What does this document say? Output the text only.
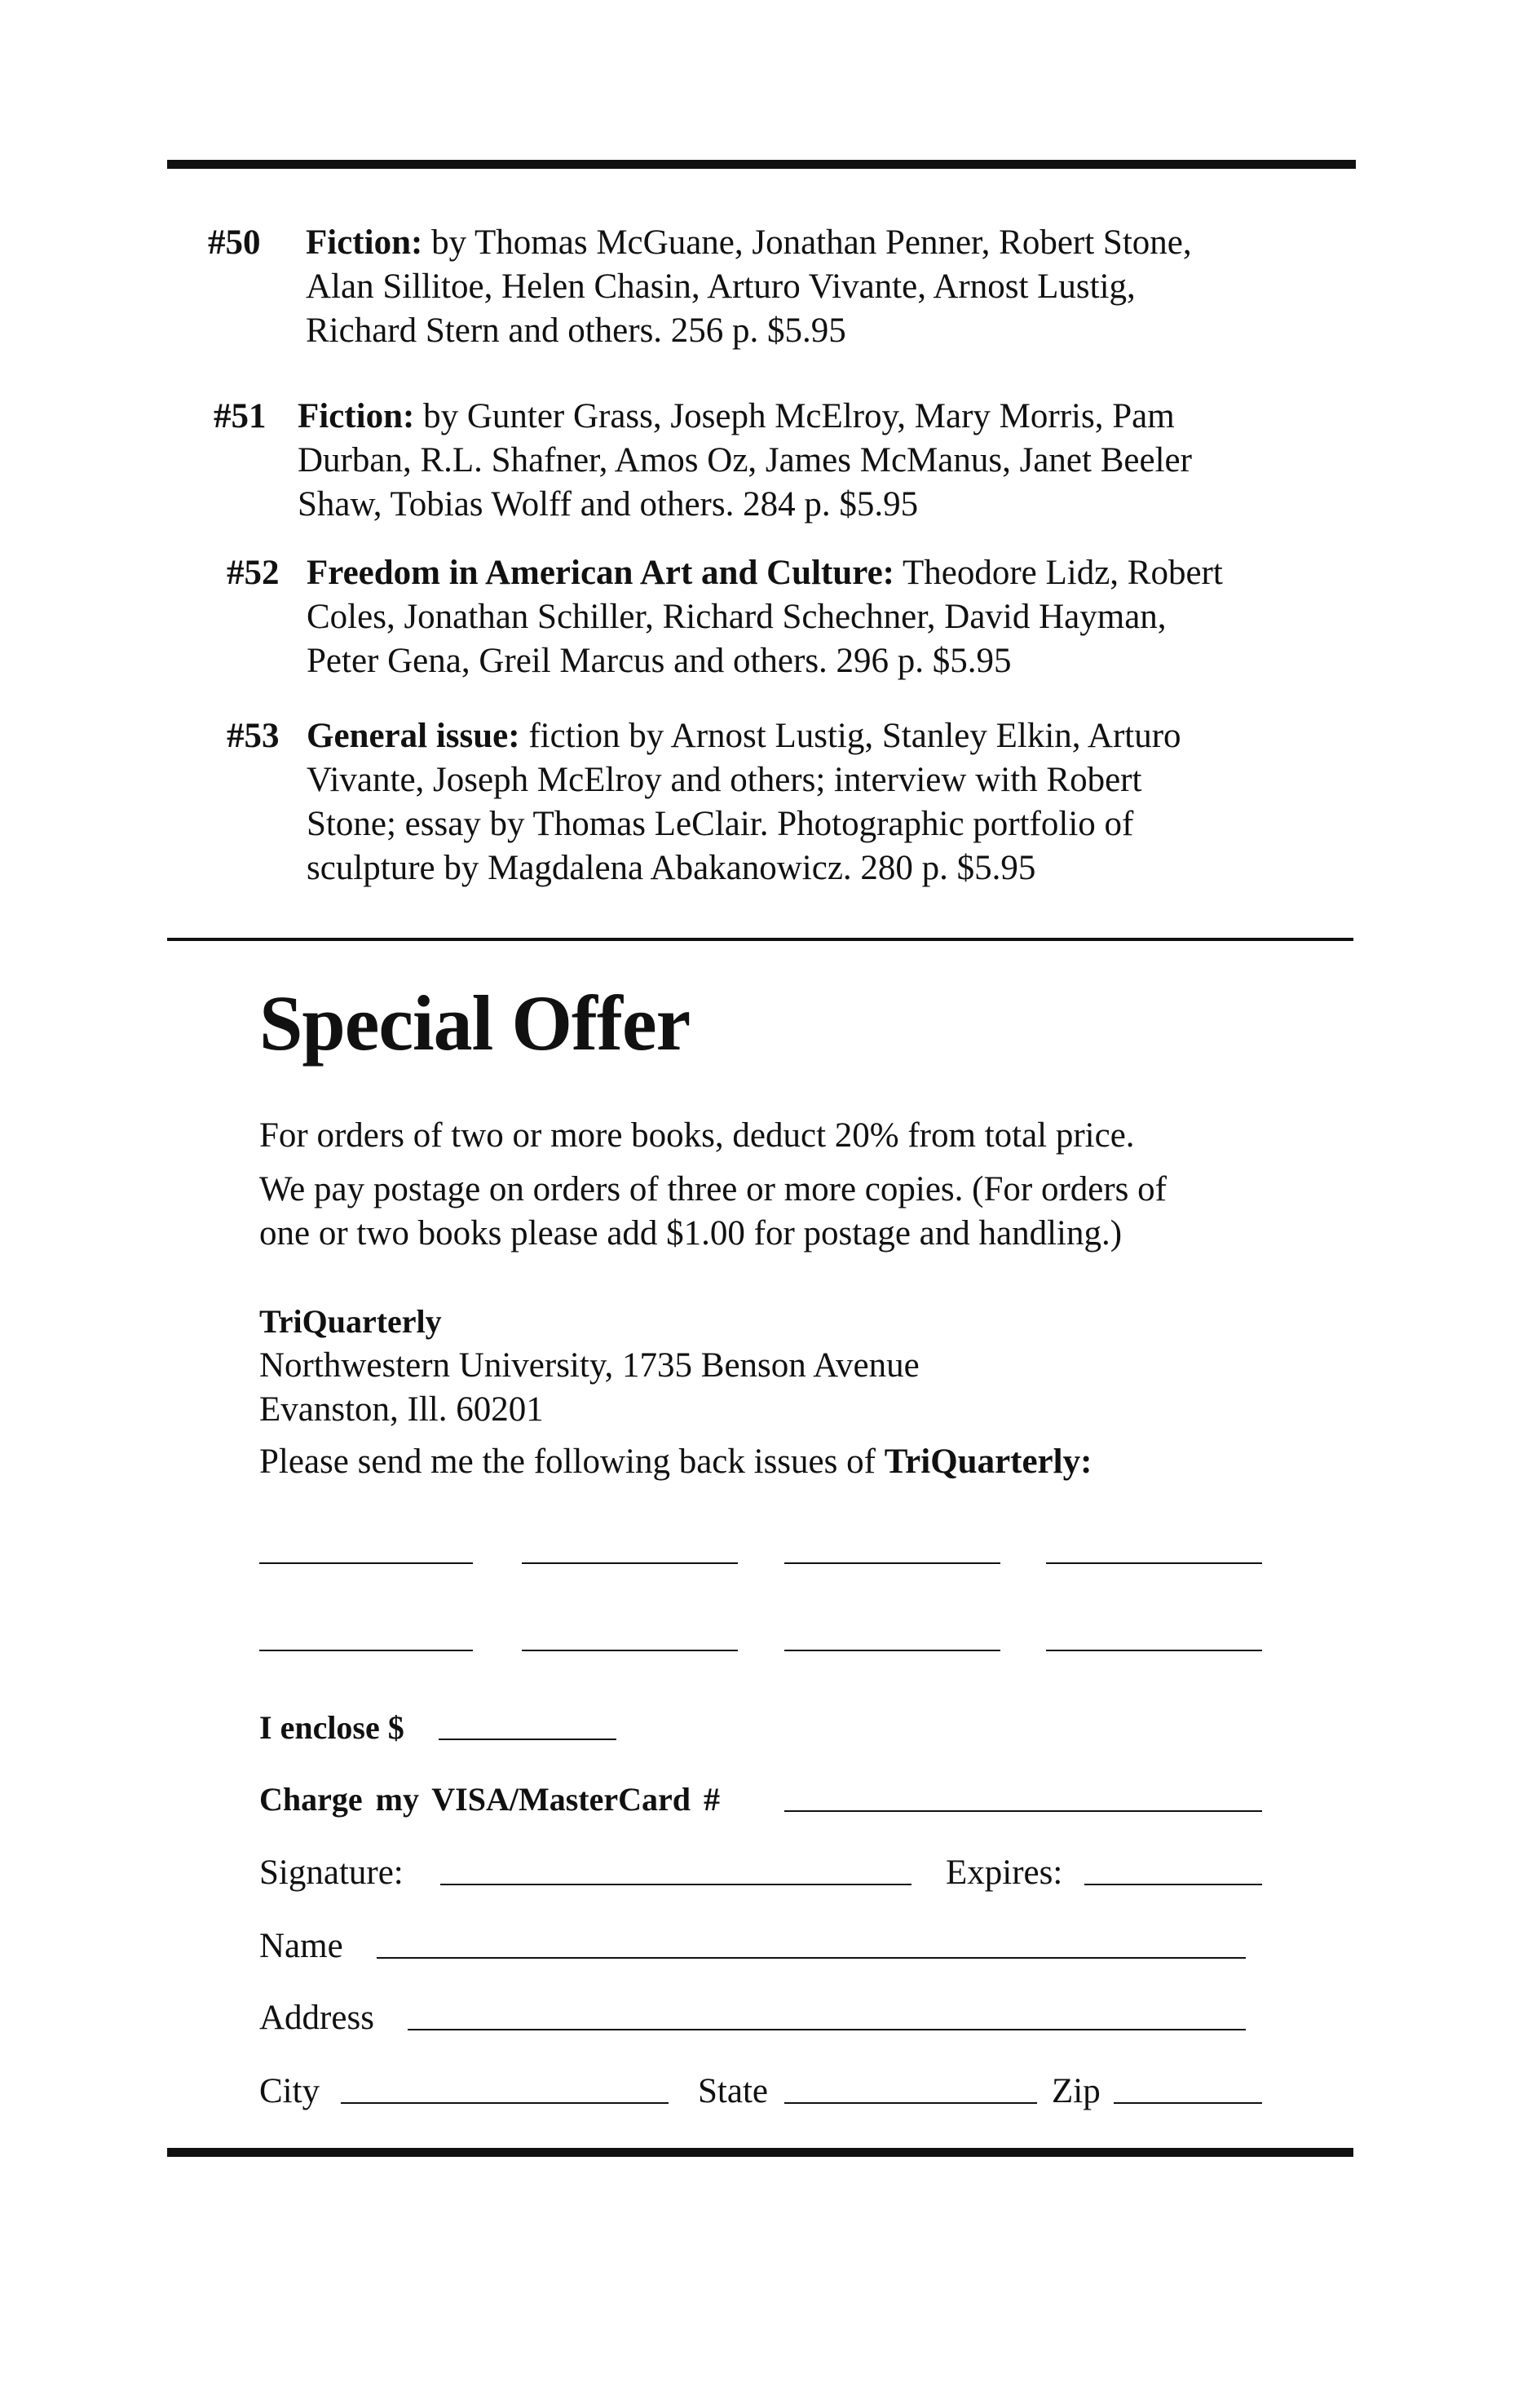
#50	Fiction: by Thomas McGuane, Jonathan Penner, Robert Stone,
Alan Sillitoe, Helen Chasin, Arturo Vivante, Arnost Lustig,
Richard Stern and others. 256 p. $5.95
#51 Fiction: by Gunter Grass, Joseph McElroy, Mary Morris, Pam
Durban, R.L. Shafner, Amos Oz, James McManus, Janet Beeler
Shaw, Tobias Wolff and others. 284 p. $5.95
#52 Freedom in American Art and Culture: Theodore Lidz, Robert
Coles, Jonathan Schiller, Richard Schechner, David Hayman,
Peter Gena, Greil Marcus and others. 296 p. $5.95
#53 General issue: fiction by Arnost Lustig, Stanley Elkin, Arturo
Vivante, Joseph McElroy and others; interview with Robert
Stone; essay by Thomas LeClair. Photographic portfolio of
sculpture by Magdalena Abakanowicz. 280 p. $5.95
Special Offer
For orders of two or more books, deduct 20% from total price.
We pay postage on orders of three or more copies. (For orders of
one or two books please add $1.00 for postage and handling.)
TriQuarterly
Northwestern University, 1735 Benson Avenue
Evanston, Ill. 60201
Please send me the following back issues of TriQuarterly:
I enclose $
Charge my VISA/MasterCard #
Signature:	Expires:
Name
Address
City	State	Zip
